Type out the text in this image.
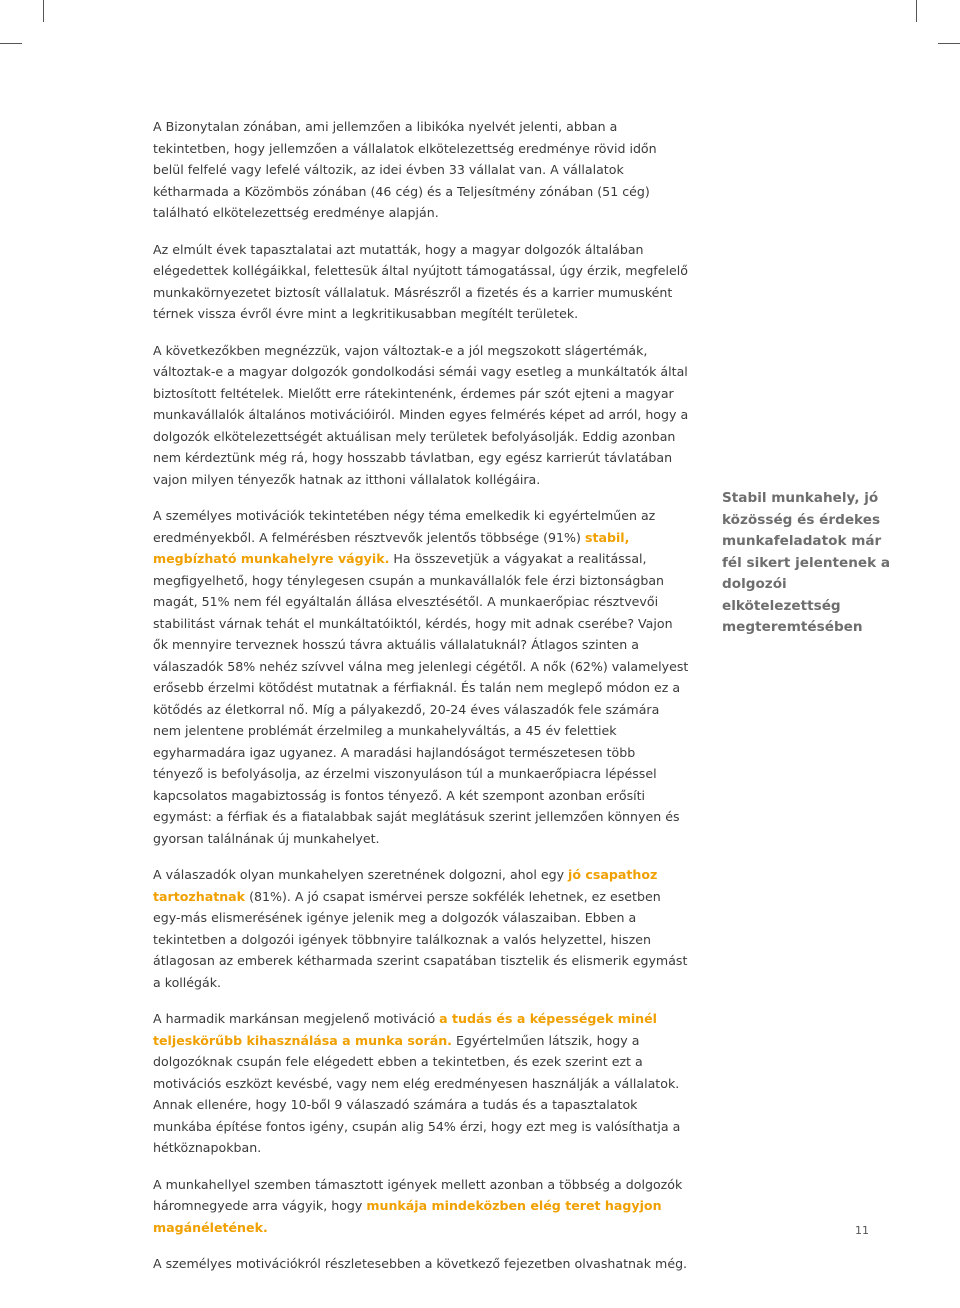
A Bizonytalan zónában, ami jellemzően a libikóka nyelvét jelenti, abban a tekintetben, hogy jellemzően a vállalatok elkötelezettség eredménye rövid időn belül felfelé vagy lefelé változik, az idei évben 33 vállalat van. A vállalatok kétharmada a Közömbös zónában (46 cég) és a Teljesítmény zónában (51 cég) található elkötelezettség eredménye alapján.

Az elmúlt évek tapasztalatai azt mutatták, hogy a magyar dolgozók általában elégedettek kollégáikkal, felettesük által nyújtott támogatással, úgy érzik, megfelelő munkakörnyezetet biztosít vállalatuk. Másrészről a fizetés és a karrier mumusként térnek vissza évről évre mint a legkritikusabban megítélt területek.

A következőkben megnézzük, vajon változtak-e a jól megszokott slágertémák, változtak-e a magyar dolgozók gondolkodási sémái vagy esetleg a munkáltatók által biztosított feltételek. Mielőtt erre rátekintenénk, érdemes pár szót ejteni a magyar munkavállalók általános motivációiról. Minden egyes felmérés képet ad arról, hogy a dolgozók elkötelezettségét aktuálisan mely területek befolyásolják. Eddig azonban nem kérdeztünk még rá, hogy hosszabb távlatban, egy egész karrierút távlatában vajon milyen tényezők hatnak az itthoni vállalatok kollégáira.

A személyes motivációk tekintetében négy téma emelkedik ki egyértelműen az eredményekből. A felmérésben résztvevők jelentős többsége (91%) stabil, megbízható munkahelyre vágyik. Ha összevetjük a vágyakat a realitással, megfigyelhető, hogy ténylegesen csupán a munkavállalók fele érzi biztonságban magát, 51% nem fél egyáltalán állása elvesztésétől. A munkaerőpiac résztvevői stabilitást várnak tehát el munkáltatóiktól, kérdés, hogy mit adnak cserébe? Vajon ők mennyire terveznek hosszú távra aktuális vállalatuknál? Átlagos szinten a válaszadók 58% nehéz szívvel válna meg jelenlegi cégétől. A nők (62%) valamelyest erősebb érzelmi kötődést mutatnak a férfiaknál. És talán nem meglepő módon ez a kötődés az életkorral nő. Míg a pályakezdő, 20-24 éves válaszadók fele számára nem jelentene problémát érzelmileg a munkahelyváltás, a 45 év felettiek egyharmadára igaz ugyanez. A maradási hajlandóságot természetesen több tényező is befolyásolja, az érzelmi viszonyuláson túl a munkaerőpiacra lépéssel kapcsolatos magabiztosság is fontos tényező. A két szempont azonban erősíti egymást: a férfiak és a fiatalabbak saját meglátásuk szerint jellemzően könnyen és gyorsan találnának új munkahelyet.

A válaszadók olyan munkahelyen szeretnének dolgozni, ahol egy jó csapathoz tartozhatnak (81%). A jó csapat ismérvei persze sokfélék lehetnek, ez esetben egy-más elismerésének igénye jelenik meg a dolgozók válaszaiban. Ebben a tekintetben a dolgozói igények többnyire találkoznak a valós helyzettel, hiszen átlagosan az emberek kétharmada szerint csapatában tisztelik és elismerik egymást a kollégák.

A harmadik markánsan megjelenő motiváció a tudás és a képességek minél teljeskörűbb kihasználása a munka során. Egyértelműen látszik, hogy a dolgozóknak csupán fele elégedett ebben a tekintetben, és ezek szerint ezt a motivációs eszközt kevésbé, vagy nem elég eredményesen használják a vállalatok. Annak ellenére, hogy 10-ből 9 válaszadó számára a tudás és a tapasztalatok munkába építése fontos igény, csupán alig 54% érzi, hogy ezt meg is valósíthatja a hétköznapokban.

A munkahellyel szemben támasztott igények mellett azonban a többség a dolgozók háromnegyede arra vágyik, hogy munkája mindeközben elég teret hagyjon magánéletének.

A személyes motivációkról részletesebben a következő fejezetben olvashatnak még.

Stabil munkahely, jó közösség és érdekes munkafeladatok már fél sikert jelentenek a dolgozói elkötelezettség megteremtésében
11
